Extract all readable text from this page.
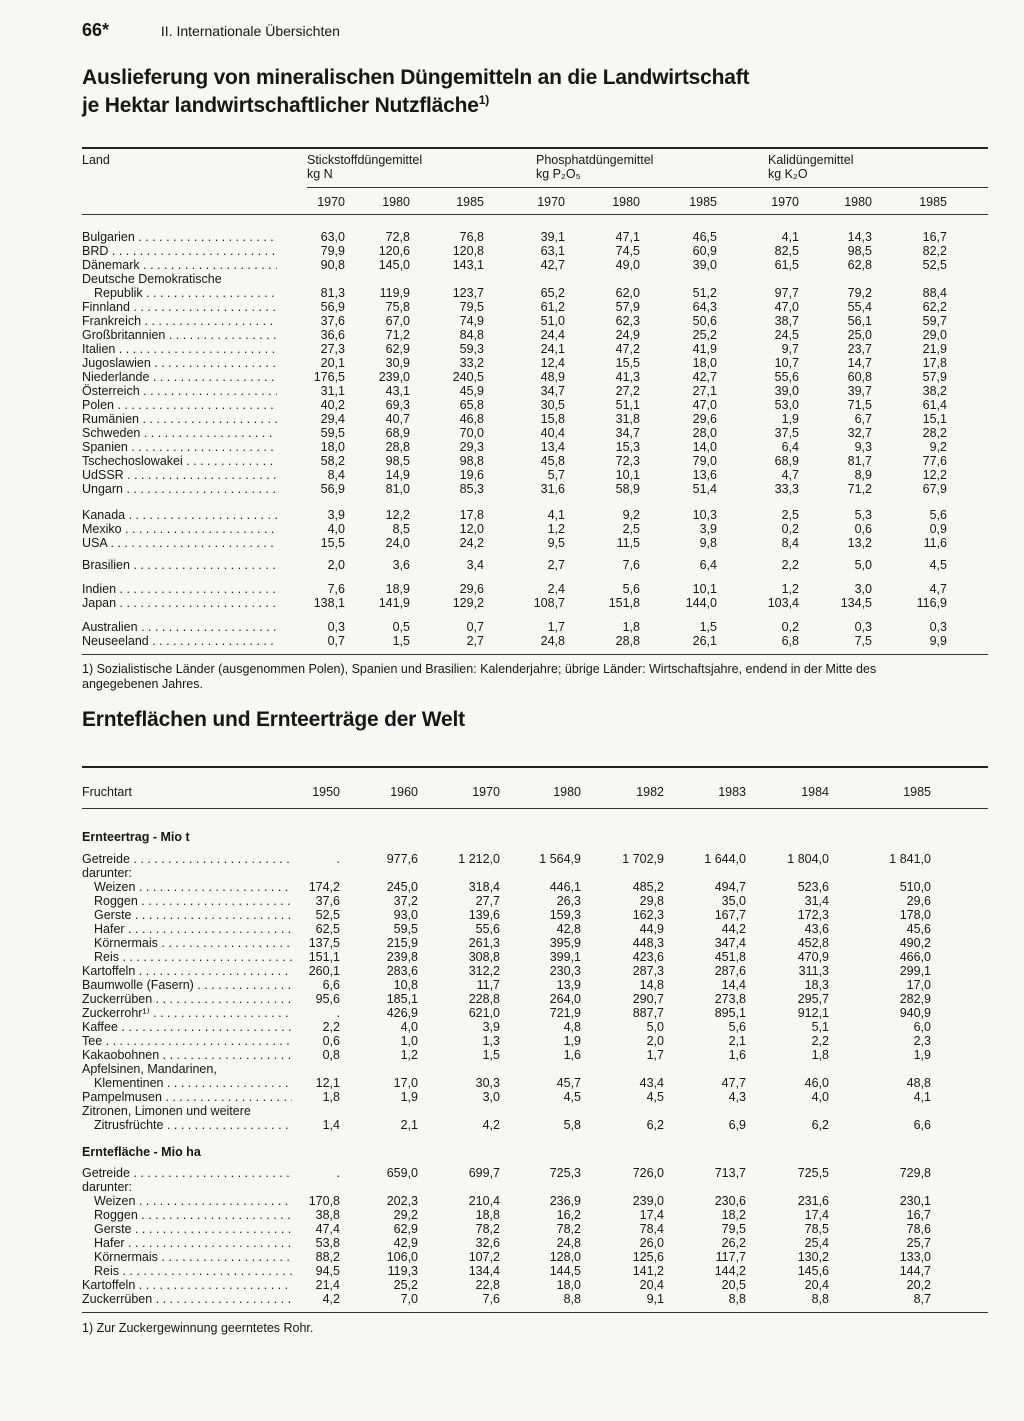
66*	II. Internationale Übersichten
Auslieferung von mineralischen Düngemitteln an die Landwirtschaft
je Hektar landwirtschaftlicher Nutzfläche$^{1)}$
Land	Stickstoffdüngemittel
kg N
Phosphatdüngemittel
kg P₂O₅
Kalidüngemittel
kg K₂O
1970	1980	1985	1970	1980	1985	1970	1980	1985
Bulgarien . . .	63,0	72,8	76,8	39,1	47,1	46,5	4,1	14,3	16,7
BRD . . .	79,9	120,6	120,8	63,1	74,5	60,9	82,5	98,5	82,2
Dänemark . . .	90,8	145,0	143,1	42,7	49,0	39,0	61,5	62,8	52,5
Deutsche Demokratische
Republik . . .	81,3	119,9	123,7	65,2	62,0	51,2	97,7	79,2	88,4
Finnland . . .	56,9	75,8	79,5	61,2	57,9	64,3	47,0	55,4	62,2
Frankreich . . .	37,6	67,0	74,9	51,0	62,3	50,6	38,7	56,1	59,7
Großbritannien . . .	36,6	71,2	84,8	24,4	24,9	25,2	24,5	25,0	29,0
Italien . . .	27,3	62,9	59,3	24,1	47,2	41,9	9,7	23,7	21,9
Jugoslawien . . .	20,1	30,9	33,2	12,4	15,5	18,0	10,7	14,7	17,8
Niederlande . . .	176,5	239,0	240,5	48,9	41,3	42,7	55,6	60,8	57,9
Österreich . . .	31,1	43,1	45,9	34,7	27,2	27,1	39,0	39,7	38,2
Polen . . .	40,2	69,3	65,8	30,5	51,1	47,0	53,0	71,5	61,4
Rumänien . . .	29,4	40,7	46,8	15,8	31,8	29,6	1,9	6,7	15,1
Schweden . . .	59,5	68,9	70,0	40,4	34,7	28,0	37,5	32,7	28,2
Spanien . . .	18,0	28,8	29,3	13,4	15,3	14,0	6,4	9,3	9,2
Tschechoslowakei . . .	58,2	98,5	98,8	45,8	72,3	79,0	68,9	81,7	77,6
UdSSR . . .	8,4	14,9	19,6	5,7	10,1	13,6	4,7	8,9	12,2
Ungarn . . .	56,9	81,0	85,3	31,6	58,9	51,4	33,3	71,2	67,9
Kanada . . .	3,9	12,2	17,8	4,1	9,2	10,3	2,5	5,3	5,6
Mexiko . . .	4,0	8,5	12,0	1,2	2,5	3,9	0,2	0,6	0,9
USA . . .	15,5	24,0	24,2	9,5	11,5	9,8	8,4	13,2	11,6
Brasilien . . .	2,0	3,6	3,4	2,7	7,6	6,4	2,2	5,0	4,5
Indien . . .	7,6	18,9	29,6	2,4	5,6	10,1	1,2	3,0	4,7
Japan . . .	138,1	141,9	129,2	108,7	151,8	144,0	103,4	134,5	116,9
Australien . . .	0,3	0,5	0,7	1,7	1,8	1,5	0,2	0,3	0,3
Neuseeland . . .	0,7	1,5	2,7	24,8	28,8	26,1	6,8	7,5	9,9
1) Sozialistische Länder (ausgenommen Polen), Spanien und Brasilien: Kalenderjahre; übrige Länder: Wirtschaftsjahre, endend in der Mitte des
angegebenen Jahres.
Fruchtart	1950	1960	1970	1980	1982	1983	1984	1985
Ernteertrag - Mio t
Getreide . . .	.	977,6	1 212,0	1 564,9	1 702,9	1 644,0	1 804,0	1 841,0
darunter:
Weizen . . .	174,2	245,0	318,4	446,1	485,2	494,7	523,6	510,0
Roggen . . .	37,6	37,2	27,7	26,3	29,8	35,0	31,4	29,6
Gerste . . .	52,5	93,0	139,6	159,3	162,3	167,7	172,3	178,0
Hafer . . .	62,5	59,5	55,6	42,8	44,9	44,2	43,6	45,6
Körnermais . . .	137,5	215,9	261,3	395,9	448,3	347,4	452,8	490,2
Reis . . .	151,1	239,8	308,8	399,1	423,6	451,8	470,9	466,0
Kartoffeln . . .	260,1	283,6	312,2	230,3	287,3	287,6	311,3	299,1
Baumwolle (Fasern) . . .	6,6	10,8	11,7	13,9	14,8	14,4	18,3	17,0
Zuckerrüben . . .	95,6	185,1	228,8	264,0	290,7	273,8	295,7	282,9
Zuckerrohr¹⁾ . . .	.	426,9	621,0	721,9	887,7	895,1	912,1	940,9
Kaffee . . .	2,2	4,0	3,9	4,8	5,0	5,6	5,1	6,0
Tee . . .	0,6	1,0	1,3	1,9	2,0	2,1	2,2	2,3
Kakaobohnen . . .	0,8	1,2	1,5	1,6	1,7	1,6	1,8	1,9
Apfelsinen, Mandarinen,
Klementinen . . .	12,1	17,0	30,3	45,7	43,4	47,7	46,0	48,8
Pampelmusen . . .	1,8	1,9	3,0	4,5	4,5	4,3	4,0	4,1
Zitronen, Limonen und weitere
Zitrusfrüchte . . .	1,4	2,1	4,2	5,8	6,2	6,9	6,2	6,6
Erntefläche - Mio ha
Getreide . . .	.	659,0	699,7	725,3	726,0	713,7	725,5	729,8
darunter:
Weizen . . .	170,8	202,3	210,4	236,9	239,0	230,6	231,6	230,1
Roggen . . .	38,8	29,2	18,8	16,2	17,4	18,2	17,4	16,7
Gerste . . .	47,4	62,9	78,2	78,2	78,4	79,5	78,5	78,6
Hafer . . .	53,8	42,9	32,6	24,8	26,0	26,2	25,4	25,7
Körnermais . . .	88,2	106,0	107,2	128,0	125,6	117,7	130,2	133,0
Reis . . .	94,5	119,3	134,4	144,5	141,2	144,2	145,6	144,7
Kartoffeln . . .	21,4	25,2	22,8	18,0	20,4	20,5	20,4	20,2
Zuckerrüben . . .	4,2	7,0	7,6	8,8	9,1	8,8	8,8	8,7
1) Zur Zuckergewinnung geerntetes Rohr.
Ernteflächen und Ernteerträge der Welt
